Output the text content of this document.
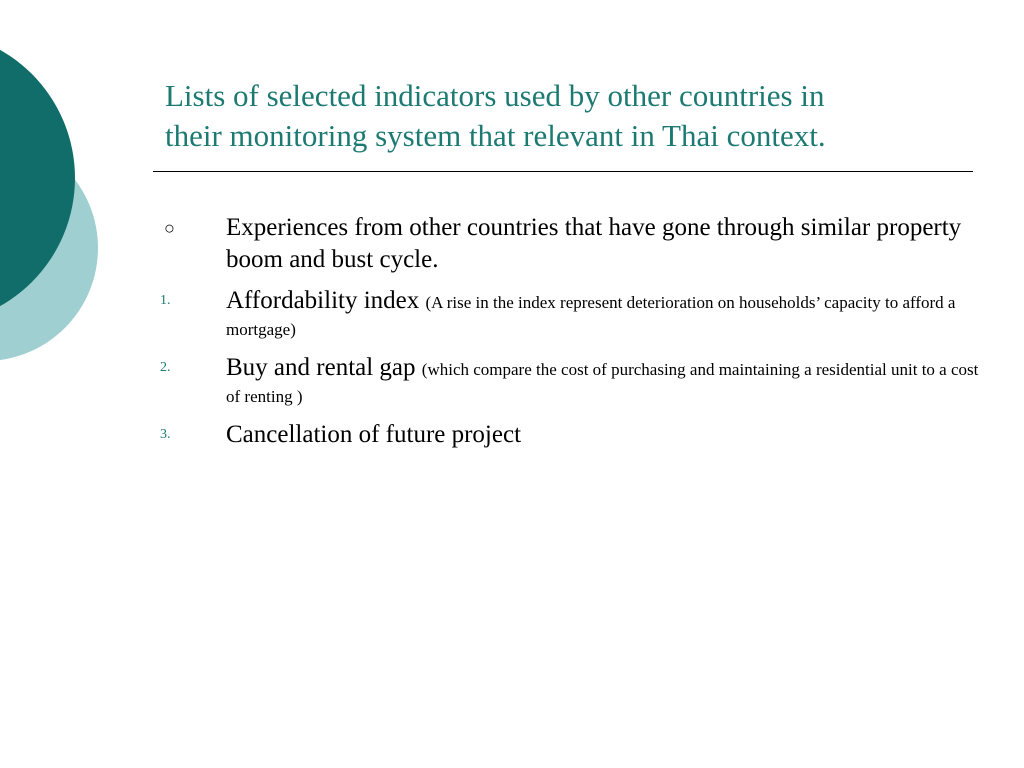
Lists of selected indicators used by other countries in
their monitoring system that relevant in Thai context.
○ Experiences from other countries that have gone through similar property boom and bust cycle.
1. Affordability index (A rise in the index represent deterioration on households’ capacity to afford a mortgage)
2. Buy and rental gap (which compare the cost of purchasing and maintaining a residential unit to a cost of renting )
3. Cancellation of future project
